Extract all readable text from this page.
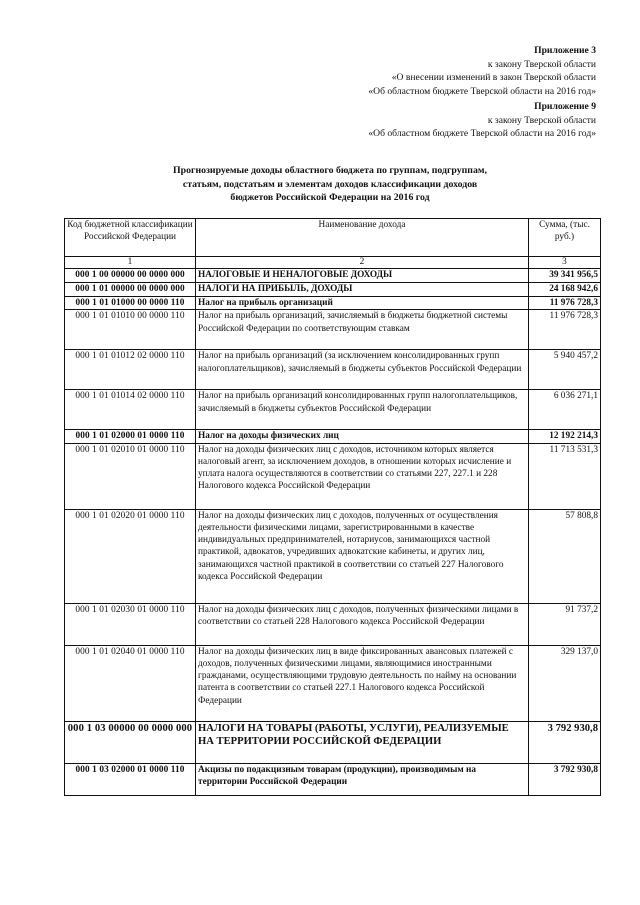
Приложение 3
к закону Тверской области
«О внесении изменений в закон Тверской области
«Об областном бюджете Тверской области на 2016 год»
Приложение 9
к закону Тверской области
«Об областном бюджете Тверской области на 2016 год»
Прогнозируемые доходы областного бюджета по группам, подгруппам,
статьям, подстатьям и элементам доходов классификации доходов
бюджетов Российской Федерации на 2016 год
Код бюджетной классификации Российской Федерации	Наименование дохода	Сумма, (тыс. руб.)
1	2	3
000 1 00 00000 00 0000 000	НАЛОГОВЫЕ И НЕНАЛОГОВЫЕ ДОХОДЫ	39 341 956,5
000 1 01 00000 00 0000 000	НАЛОГИ НА ПРИБЫЛЬ, ДОХОДЫ	24 168 942,6
000 1 01 01000 00 0000 110	Налог на прибыль организаций	11 976 728,3
000 1 01 01010 00 0000 110	Налог на прибыль организаций, зачисляемый в бюджеты бюджетной системы Российской Федерации по соответствующим ставкам	11 976 728,3
000 1 01 01012 02 0000 110	Налог на прибыль организаций (за исключением консолидированных групп налогоплательщиков), зачисляемый в бюджеты субъектов Российской Федерации	5 940 457,2
000 1 01 01014 02 0000 110	Налог на прибыль организаций консолидированных групп налогоплательщиков, зачисляемый в бюджеты субъектов Российской Федерации	6 036 271,1
000 1 01 02000 01 0000 110	Налог на доходы физических лиц	12 192 214,3
000 1 01 02010 01 0000 110	Налог на доходы физических лиц с доходов, источником которых является налоговый агент, за исключением доходов, в отношении которых исчисление и уплата налога осуществляются в соответствии со статьями 227, 227.1 и 228 Налогового кодекса Российской Федерации	11 713 531,3
000 1 01 02020 01 0000 110	Налог на доходы физических лиц с доходов, полученных от осуществления деятельности физическими лицами, зарегистрированными в качестве индивидуальных предпринимателей, нотариусов, занимающихся частной практикой, адвокатов, учредивших адвокатские кабинеты, и других лиц, занимающихся частной практикой в соответствии со статьей 227 Налогового кодекса Российской Федерации	57 808,8
000 1 01 02030 01 0000 110	Налог на доходы физических лиц с доходов, полученных физическими лицами в соответствии со статьей 228 Налогового кодекса Российской Федерации	91 737,2
000 1 01 02040 01 0000 110	Налог на доходы физических лиц в виде фиксированных авансовых платежей с доходов, полученных физическими лицами, являющимися иностранными гражданами, осуществляющими трудовую деятельность по найму на основании патента в соответствии со статьей 227.1 Налогового кодекса Российской Федерации	329 137,0
000 1 03 00000 00 0000 000	НАЛОГИ НА ТОВАРЫ (РАБОТЫ, УСЛУГИ), РЕАЛИЗУЕМЫЕ НА ТЕРРИТОРИИ РОССИЙСКОЙ ФЕДЕРАЦИИ	3 792 930,8
000 1 03 02000 01 0000 110	Акцизы по подакцизным товарам (продукции), производимым на территории Российской Федерации	3 792 930,8
